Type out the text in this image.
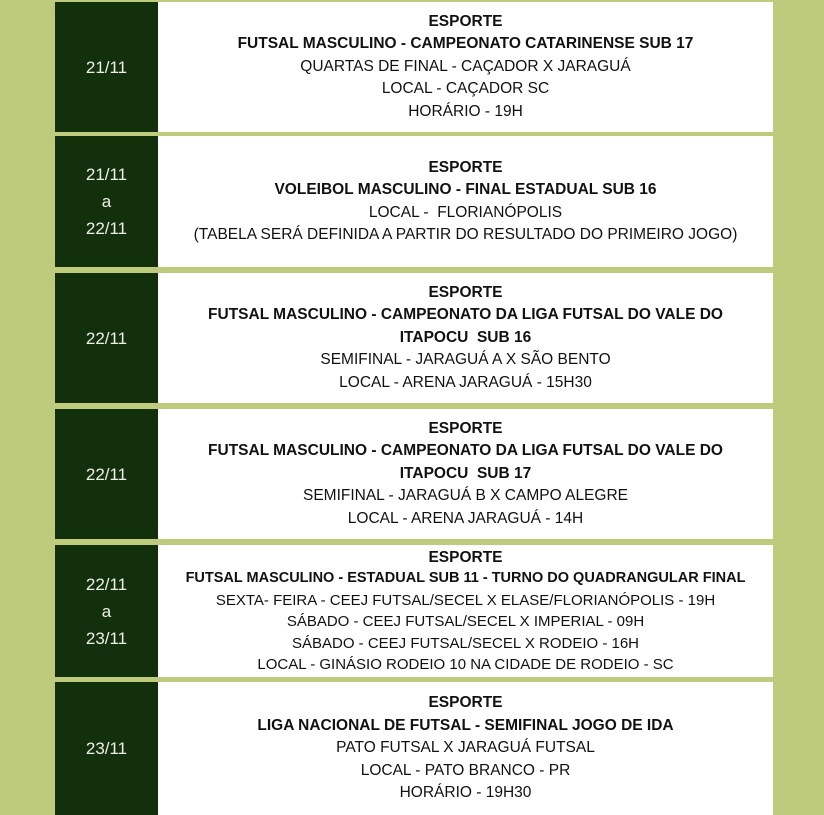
21/11
ESPORTE
FUTSAL MASCULINO - CAMPEONATO CATARINENSE SUB 17
QUARTAS DE FINAL - CAÇADOR X JARAGUÁ
LOCAL - CAÇADOR SC
HORÁRIO - 19H
21/11
a
22/11
ESPORTE
VOLEIBOL MASCULINO - FINAL ESTADUAL SUB 16
LOCAL -  FLORIANÓPOLIS
(TABELA SERÁ DEFINIDA A PARTIR DO RESULTADO DO PRIMEIRO JOGO)
22/11
ESPORTE
FUTSAL MASCULINO - CAMPEONATO DA LIGA FUTSAL DO VALE DO
ITAPOCU  SUB 16
SEMIFINAL - JARAGUÁ A X SÃO BENTO
LOCAL - ARENA JARAGUÁ - 15H30
22/11
ESPORTE
FUTSAL MASCULINO - CAMPEONATO DA LIGA FUTSAL DO VALE DO
ITAPOCU  SUB 17
SEMIFINAL - JARAGUÁ B X CAMPO ALEGRE
LOCAL - ARENA JARAGUÁ - 14H
22/11
a
23/11
ESPORTE
FUTSAL MASCULINO - ESTADUAL SUB 11 - TURNO DO QUADRANGULAR FINAL
SEXTA- FEIRA - CEEJ FUTSAL/SECEL X ELASE/FLORIANÓPOLIS - 19H
SÁBADO - CEEJ FUTSAL/SECEL X IMPERIAL - 09H
SÁBADO - CEEJ FUTSAL/SECEL X RODEIO - 16H
LOCAL - GINÁSIO RODEIO 10 NA CIDADE DE RODEIO - SC
23/11
ESPORTE
LIGA NACIONAL DE FUTSAL - SEMIFINAL JOGO DE IDA
PATO FUTSAL X JARAGUÁ FUTSAL
LOCAL - PATO BRANCO - PR
HORÁRIO - 19H30
